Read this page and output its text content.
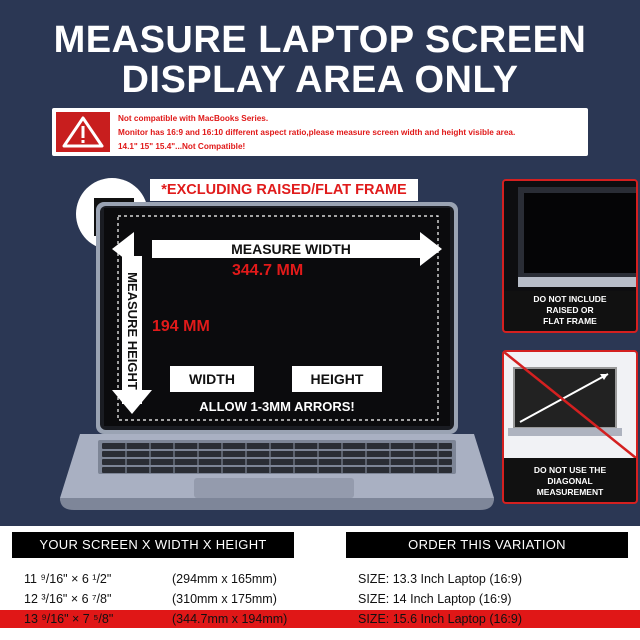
MEASURE LAPTOP SCREEN
DISPLAY AREA ONLY
Not compatible with MacBooks Series.
Monitor has 16:9 and 16:10 different aspect ratio,please measure screen width and height visible area.
14.1" 15" 15.4"...Not Compatible!
*EXCLUDING RAISED/FLAT FRAME
MEASURE WIDTH
344.7 MM
MEASURE HEIGHT 194 MM
WIDTH	HEIGHT
ALLOW 1-3MM ARRORS!
DO NOT INCLUDE
RAISED OR
FLAT FRAME
DO NOT USE THE
DIAGONAL
MEASUREMENT
YOUR SCREEN X WIDTH X HEIGHT	ORDER THIS VARIATION
11 ⁹/16" × 6 ¹/2"	(294mm x 165mm)	SIZE: 13.3 Inch Laptop (16:9)
12 ³/16" × 6 ⁷/8"	(310mm x 175mm)	SIZE: 14 Inch Laptop (16:9)
13 ⁹/16" × 7 ⁵/8"	(344.7mm x 194mm)	SIZE: 15.6 Inch Laptop (16:9)
